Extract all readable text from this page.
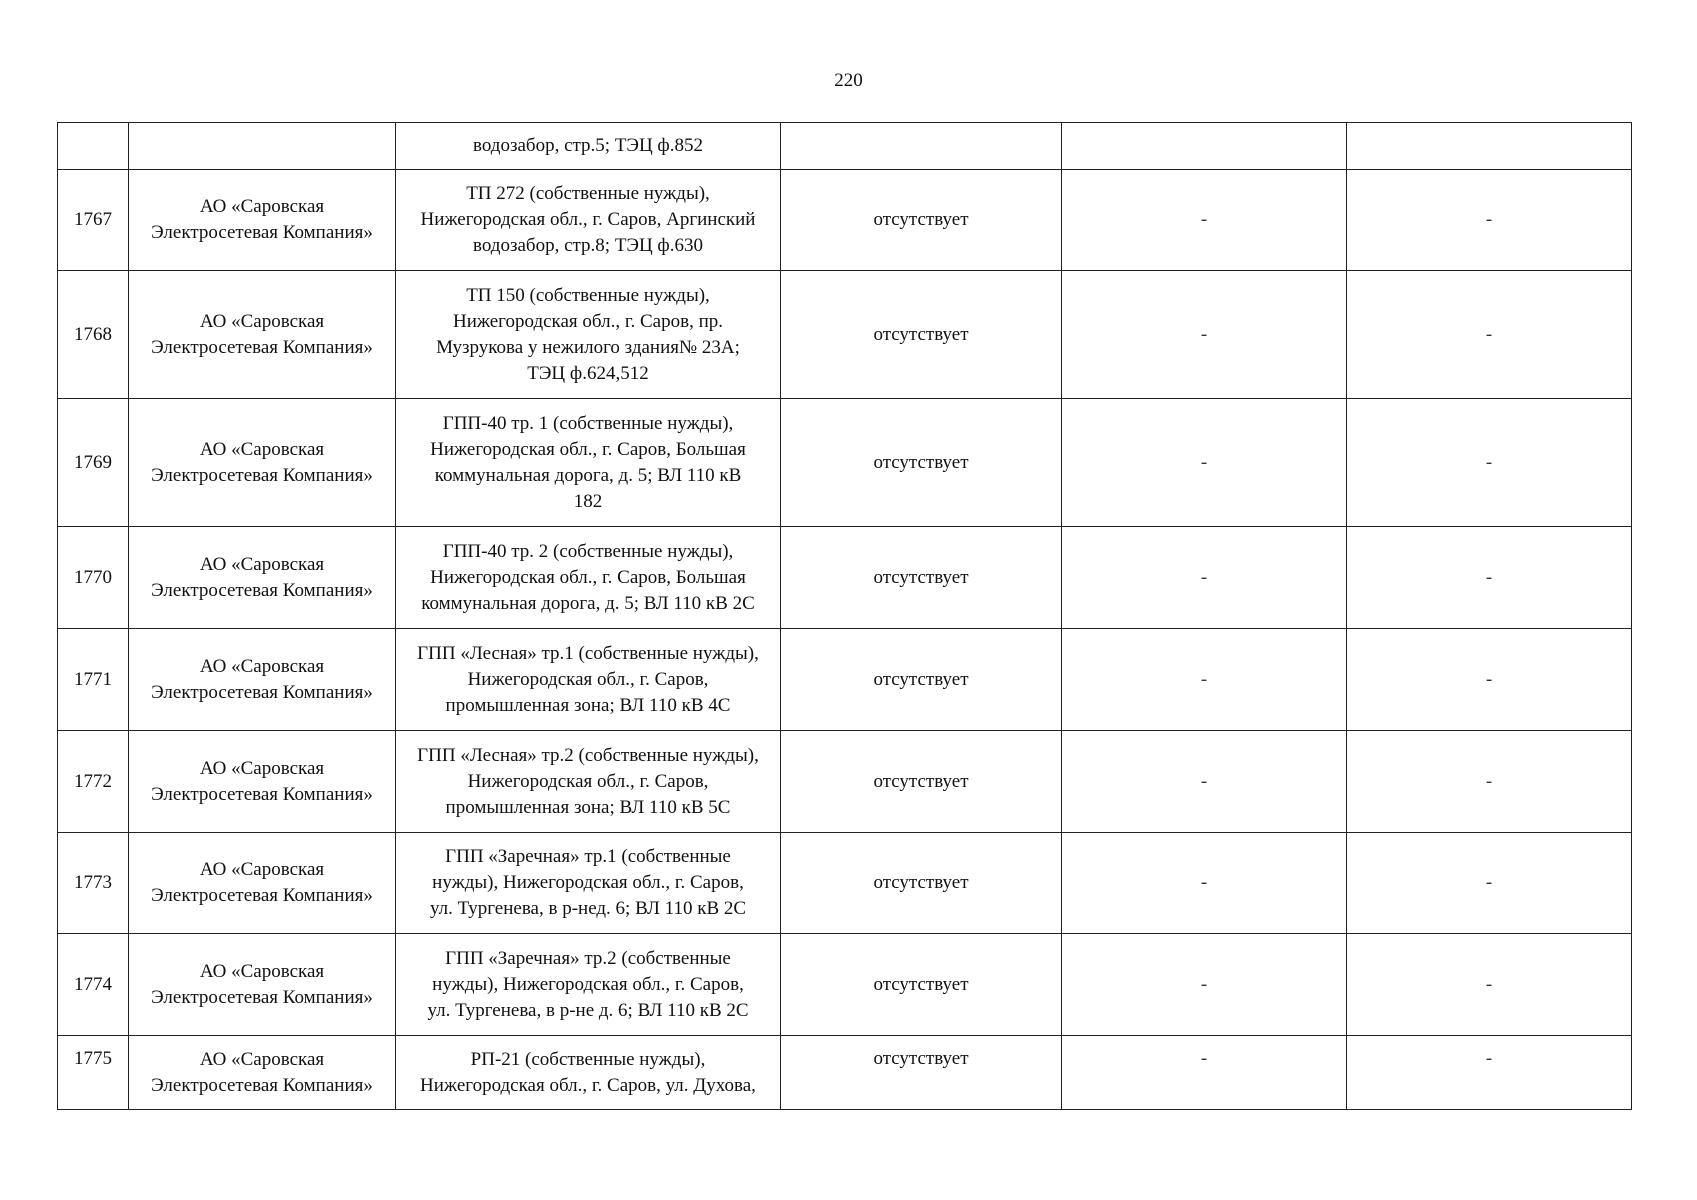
220
		водозабор, стр.5; ТЭЦ ф.852			
1767	АО «Саровская
Электросетевая Компания»	ТП 272 (собственные нужды),
Нижегородская обл., г. Саров, Аргинский
водозабор, стр.8; ТЭЦ ф.630	отсутствует	-	-
1768	АО «Саровская
Электросетевая Компания»	ТП 150 (собственные нужды),
Нижегородская обл., г. Саров, пр.
Музрукова у нежилого здания№ 23А;
ТЭЦ ф.624,512	отсутствует	-	-
1769	АО «Саровская
Электросетевая Компания»	ГПП-40 тр. 1 (собственные нужды),
Нижегородская обл., г. Саров, Большая
коммунальная дорога, д. 5; ВЛ 110 кВ
182	отсутствует	-	-
1770	АО «Саровская
Электросетевая Компания»	ГПП-40 тр. 2 (собственные нужды),
Нижегородская обл., г. Саров, Большая
коммунальная дорога, д. 5; ВЛ 110 кВ 2С	отсутствует	-	-
1771	АО «Саровская
Электросетевая Компания»	ГПП «Лесная» тр.1 (собственные нужды),
Нижегородская обл., г. Саров,
промышленная зона; ВЛ 110 кВ 4С	отсутствует	-	-
1772	АО «Саровская
Электросетевая Компания»	ГПП «Лесная» тр.2 (собственные нужды),
Нижегородская обл., г. Саров,
промышленная зона; ВЛ 110 кВ 5С	отсутствует	-	-
1773	АО «Саровская
Электросетевая Компания»	ГПП «Заречная» тр.1 (собственные
нужды), Нижегородская обл., г. Саров,
ул. Тургенева, в р-нед. 6; ВЛ 110 кВ 2С	отсутствует	-	-
1774	АО «Саровская
Электросетевая Компания»	ГПП «Заречная» тр.2 (собственные
нужды), Нижегородская обл., г. Саров,
ул. Тургенева, в р-не д. 6; ВЛ 110 кВ 2С	отсутствует	-	-
1775	АО «Саровская
Электросетевая Компания»	РП-21 (собственные нужды),
Нижегородская обл., г. Саров, ул. Духова,	отсутствует	-	-
